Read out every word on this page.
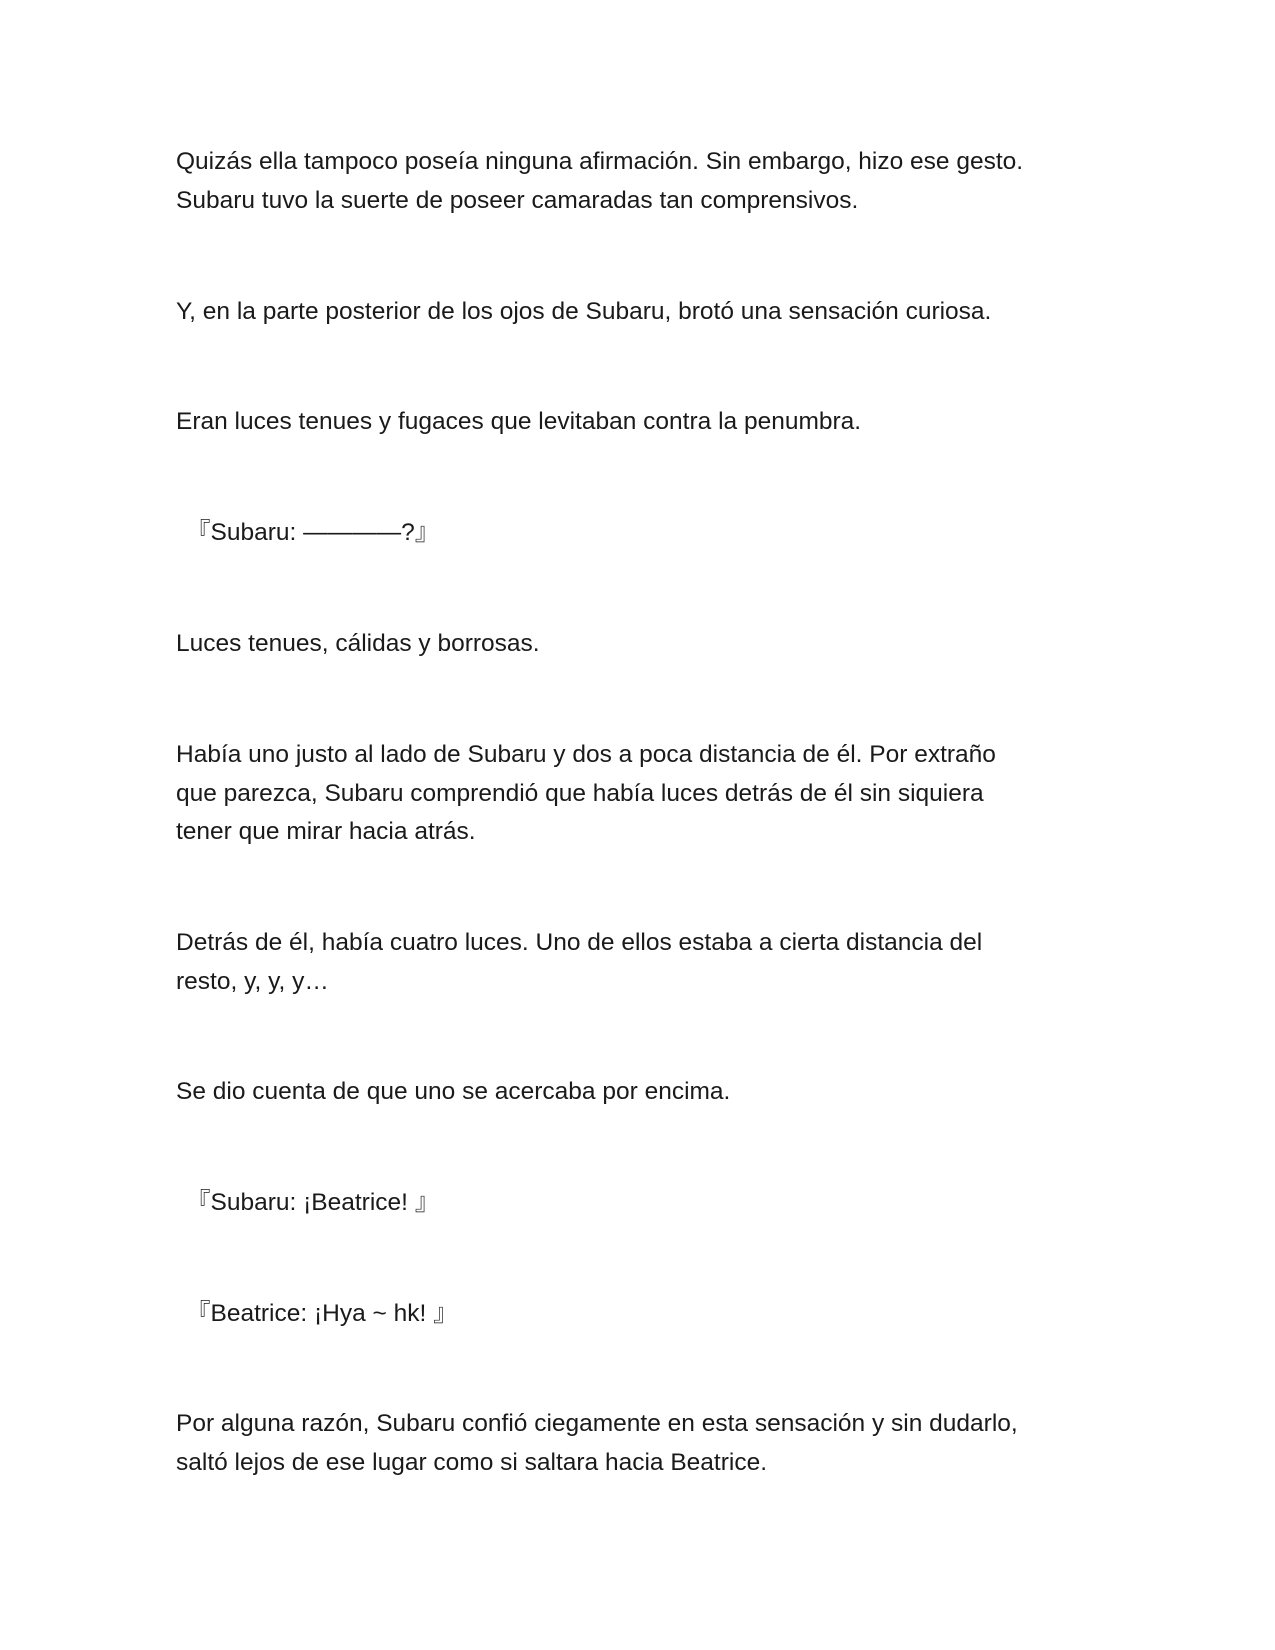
Quizás ella tampoco poseía ninguna afirmación. Sin embargo, hizo ese gesto.
Subaru tuvo la suerte de poseer camaradas tan comprensivos.

Y, en la parte posterior de los ojos de Subaru, brotó una sensación curiosa.

Eran luces tenues y fugaces que levitaban contra la penumbra.

『Subaru: ————?』

Luces tenues, cálidas y borrosas.

Había uno justo al lado de Subaru y dos a poca distancia de él. Por extraño
que parezca, Subaru comprendió que había luces detrás de él sin siquiera
tener que mirar hacia atrás.

Detrás de él, había cuatro luces. Uno de ellos estaba a cierta distancia del
resto, y, y, y…

Se dio cuenta de que uno se acercaba por encima.

『Subaru: ¡Beatrice! 』

『Beatrice: ¡Hya ~ hk! 』

Por alguna razón, Subaru confió ciegamente en esta sensación y sin dudarlo,
saltó lejos de ese lugar como si saltara hacia Beatrice.
